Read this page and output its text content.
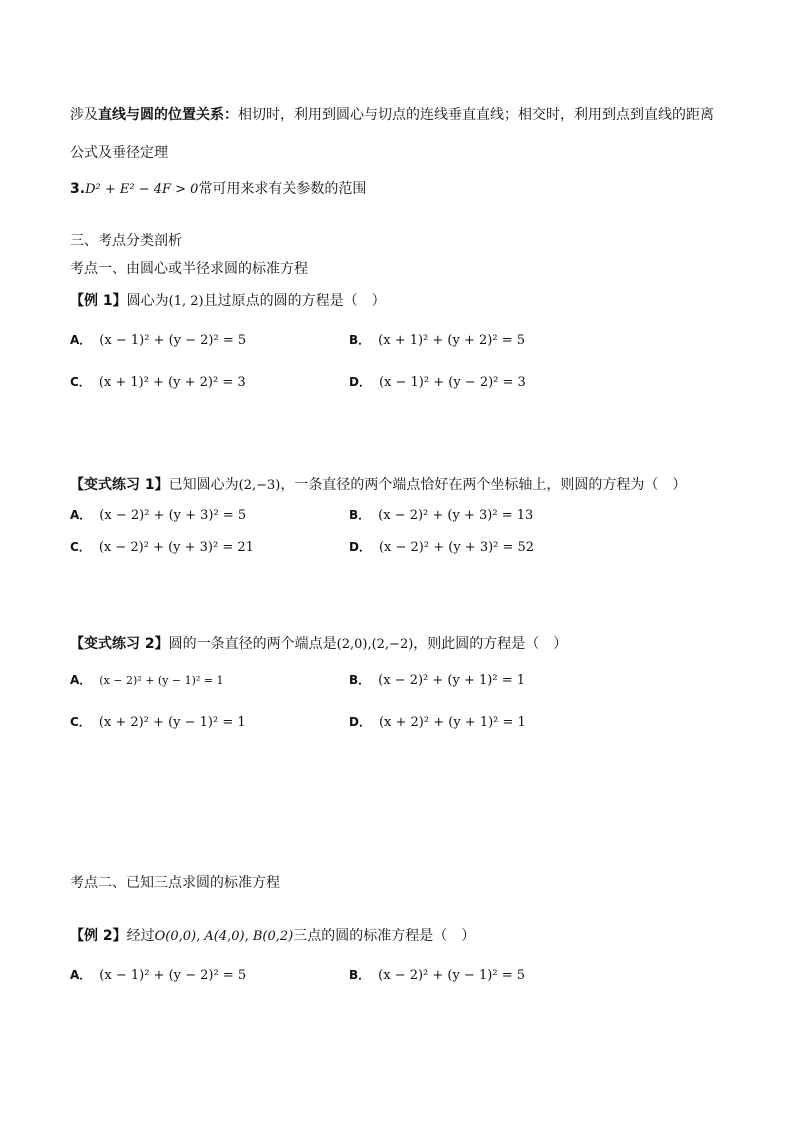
涉及直线与圆的位置关系：相切时，利用到圆心与切点的连线垂直直线；相交时，利用到点到直线的距离
公式及垂径定理
3.D² + E² − 4F > 0常可用来求有关参数的范围
三、考点分类剖析
考点一、由圆心或半径求圆的标准方程
【例 1】圆心为(1, 2)且过原点的圆的方程是（　）
A． (x − 1)² + (y − 2)² = 5	B． (x + 1)² + (y + 2)² = 5
C． (x + 1)² + (y + 2)² = 3	D． (x − 1)² + (y − 2)² = 3
【变式练习 1】已知圆心为(2,−3)，一条直径的两个端点恰好在两个坐标轴上，则圆的方程为（　）
A． (x − 2)² + (y + 3)² = 5	B． (x − 2)² + (y + 3)² = 13
C． (x − 2)² + (y + 3)² = 21	D． (x − 2)² + (y + 3)² = 52
【变式练习 2】圆的一条直径的两个端点是(2,0),(2,−2)，则此圆的方程是（　）
A． (x − 2)² + (y − 1)² = 1	B． (x − 2)² + (y + 1)² = 1
C． (x + 2)² + (y − 1)² = 1	D． (x + 2)² + (y + 1)² = 1
考点二、已知三点求圆的标准方程
【例 2】经过O(0,0), A(4,0), B(0,2)三点的圆的标准方程是（　）
A． (x − 1)² + (y − 2)² = 5	B． (x − 2)² + (y − 1)² = 5
